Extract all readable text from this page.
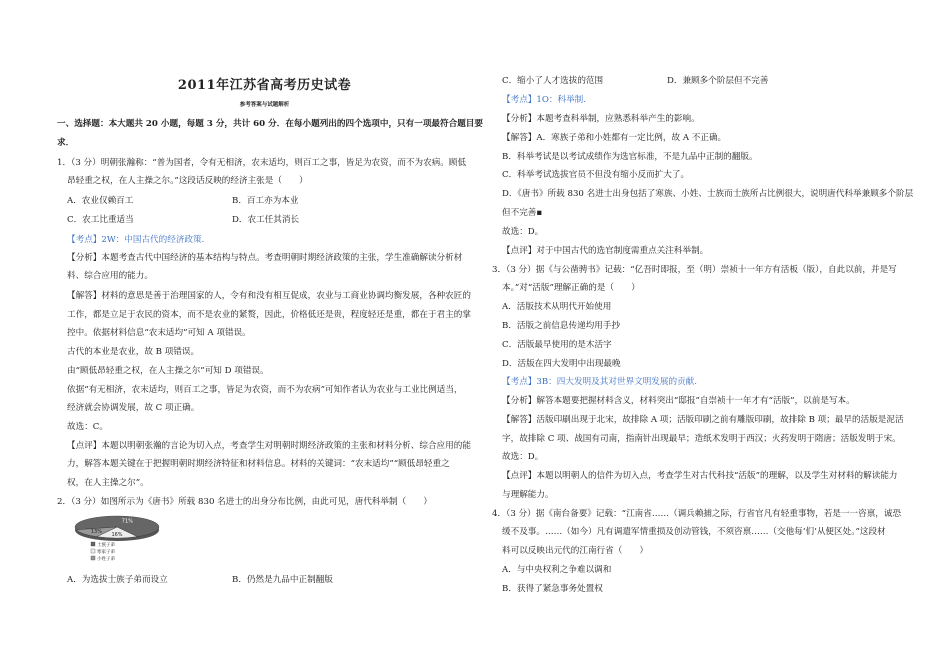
2011年江苏省高考历史试卷
参考答案与试题解析
一、选择题：本大题共 20 小题，每题 3 分，共计 60 分．在每小题列出的四个选项中，只有一项最符合题目要
求．
1．（3 分）明朝张瀚称：“普为国者，令有无相济，农末适均，则百工之事，皆足为农资，而不为农病。顾低
昂轻重之权，在人主操之尔。”这段话反映的经济主张是（　　）
A．农业仅赖百工	B．百工亦为本业
C．农工比重适当	D．农工任其消长
【考点】2W：中国古代的经济政策.
【分析】本题考查古代中国经济的基本结构与特点。考查明朝时期经济政策的主张，学生准确解读分析材
料、综合应用的能力。
【解答】材料的意思是善于治理国家的人，令有和没有相互促成，农业与工商业协调均衡发展，各种农匠的
工作，都是立足于农民的资本，而不是农业的紧赘，因此，价格低还是贵，程度轻还是重，都在于君主的掌
控中。依据材料信息“农末适均”可知 A 项错误。
古代的本业是农业，故 B 项错误。
由“顾低昂轻重之权，在人主操之尔”可知 D 项错误。
依据“有无相济，农末适均，则百工之事，皆足为农资，而不为农病”可知作者认为农业与工业比例适当，
经济就会协调发展，故 C 项正确。
故选：C。
【点评】本题以明朝张瀚的言论为切入点，考查学生对明朝时期经济政策的主张和材料分析、综合应用的能
力，解答本题关键在于把握明朝时期经济特征和材料信息。材料的关键词：“农末适均”“顾低昂轻重之
权，在人主操之尔”。
2．（3 分）如图所示为《唐书》所载 830 名进士的出身分布比例，由此可见，唐代科举制（　　）
71%
16%
13%
士族子弟
寒家子弟
小姓子弟
A．为选拔士族子弟而设立	B．仍然是九品中正制翻版
C．缩小了人才选拔的范围	D．兼顾多个阶层但不完善
【考点】1O：科举制.
【分析】本题考查科举制，应熟悉科举产生的影响。
【解答】A．寒族子弟和小姓都有一定比例，故 A 不正确。
B．科举考试是以考试成绩作为选官标准，不是九品中正制的翻版。
C．科举考试选拔官员不但没有缩小反而扩大了。
D．《唐书》所载 830 名进士出身包括了寒族、小姓、士族而士族所占比例很大，说明唐代科举兼顾多个阶层
但不完善▪
故选：D。
【点评】对于中国古代的选官制度需重点关注科举制。
3．（3 分）据《与公凿骋书》记载：“亿吾时即报，至（明）崇祯十一年方有活板（版），自此以前，并是写
本。”对“活版”理解正确的是（　　）
A．活版技术从明代开始使用
B．活版之前信息传递均用手抄
C．活版最早使用的是木活字
D．活版在四大发明中出现最晚
【考点】3B：四大发明及其对世界文明发展的贡献.
【分析】解答本题要把握材料含义，材料突出“邸报”自崇祯十一年才有“活版”，以前是写本。
【解答】活版印刷出现于北宋，故排除 A 项；活版印刷之前有雕版印刷，故排除 B 项；最早的活版是泥活
字，故排除 C 项、战国有司南，指南针出现最早；造纸术发明于西汉；火药发明于隋唐；活版发明于宋。
故选：D。
【点评】本题以明朝人的信件为切入点，考查学生对古代科技“活版”的理解，以及学生对材料的解读能力
与理解能力。
4．（3 分）据《南台备要》记载：“江南省……（调兵赖捕之际，行省官凡有轻重事物，若是一一咨禀，诚恐
缓不及事。……（如今）凡有调遣军情重损及创动管钱，不须咨禀……（交他每‘们’从便区处。”这段材
料可以反映出元代的江南行省（　　）
A．与中央权利之争难以调和
B．获得了紧急事务处置权
